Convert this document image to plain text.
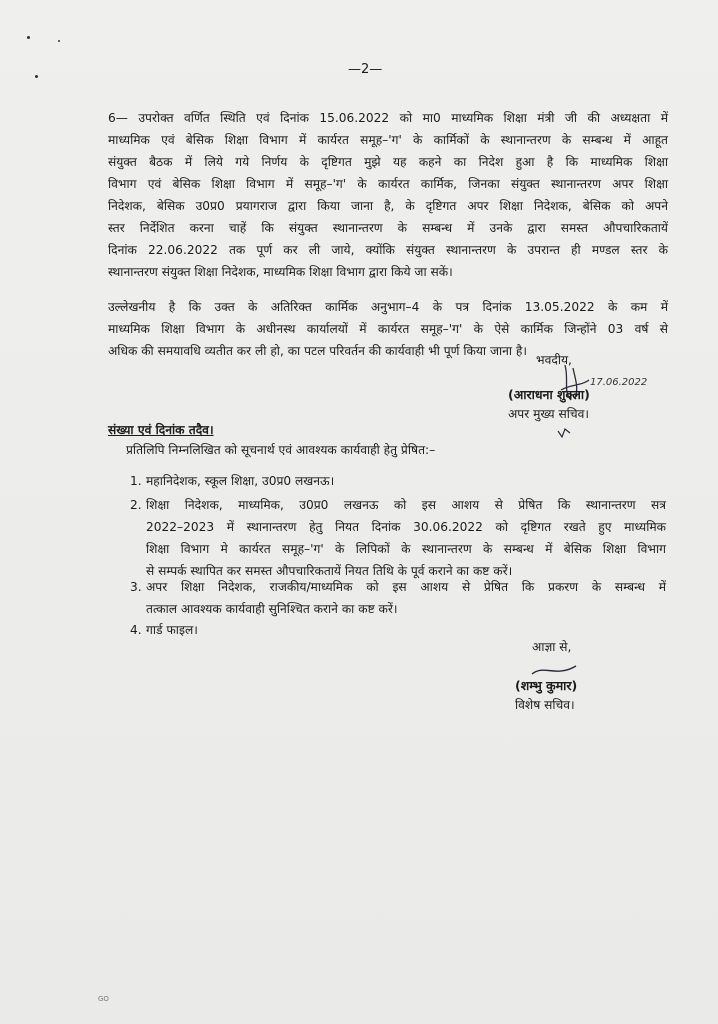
—2—
6— उपरोक्त वर्णित स्थिति एवं दिनांक 15.06.2022 को मा0 माध्यमिक शिक्षा मंत्री जी की अध्यक्षता में
माध्यमिक एवं बेसिक शिक्षा विभाग में कार्यरत समूह–'ग' के कार्मिकों के स्थानान्तरण के सम्बन्ध में आहूत
संयुक्त बैठक में लिये गये निर्णय के दृष्टिगत मुझे यह कहने का निदेश हुआ है कि माध्यमिक शिक्षा
विभाग एवं बेसिक शिक्षा विभाग में समूह–'ग' के कार्यरत कार्मिक, जिनका संयुक्त स्थानान्तरण अपर शिक्षा
निदेशक, बेसिक उ0प्र0 प्रयागराज द्वारा किया जाना है, के दृष्टिगत अपर शिक्षा निदेशक, बेसिक को अपने
स्तर निर्देशित करना चाहें कि संयुक्त स्थानान्तरण के सम्बन्ध में उनके द्वारा समस्त औपचारिकतायें
दिनांक 22.06.2022 तक पूर्ण कर ली जाये, क्योंकि संयुक्त स्थानान्तरण के उपरान्त ही मण्डल स्तर के
स्थानान्तरण संयुक्त शिक्षा निदेशक, माध्यमिक शिक्षा विभाग द्वारा किये जा सकें।
उल्लेखनीय है कि उक्त के अतिरिक्त कार्मिक अनुभाग–4 के पत्र दिनांक 13.05.2022 के कम में
माध्यमिक शिक्षा विभाग के अधीनस्थ कार्यालयों में कार्यरत समूह–'ग' के ऐसे कार्मिक जिन्होंने 03 वर्ष से
अधिक की समयावधि व्यतीत कर ली हो, का पटल परिवर्तन की कार्यवाही भी पूर्ण किया जाना है।
भवदीय,
17.06.2022
(आराधना शुक्ला)
अपर मुख्य सचिव।
संख्या एवं दिनांक तदैव।
प्रतिलिपि निम्नलिखित को सूचनार्थ एवं आवश्यक कार्यवाही हेतु प्रेषित:–
1. महानिदेशक, स्कूल शिक्षा, उ0प्र0 लखनऊ।
2. शिक्षा निदेशक, माध्यमिक, उ0प्र0 लखनऊ को इस आशय से प्रेषित कि स्थानान्तरण सत्र
2022–2023 में स्थानान्तरण हेतु नियत दिनांक 30.06.2022 को दृष्टिगत रखते हुए माध्यमिक
शिक्षा विभाग मे कार्यरत समूह–'ग' के लिपिकों के स्थानान्तरण के सम्बन्ध में बेसिक शिक्षा विभाग
से सम्पर्क स्थापित कर समस्त औपचारिकतायें नियत तिथि के पूर्व कराने का कष्ट करें।
3. अपर शिक्षा निदेशक, राजकीय/माध्यमिक को इस आशय से प्रेषित कि प्रकरण के सम्बन्ध में
तत्काल आवश्यक कार्यवाही सुनिश्चित कराने का कष्ट करें।
4. गार्ड फाइल।
आज्ञा से,
(शम्भु कुमार)
विशेष सचिव।
GO
